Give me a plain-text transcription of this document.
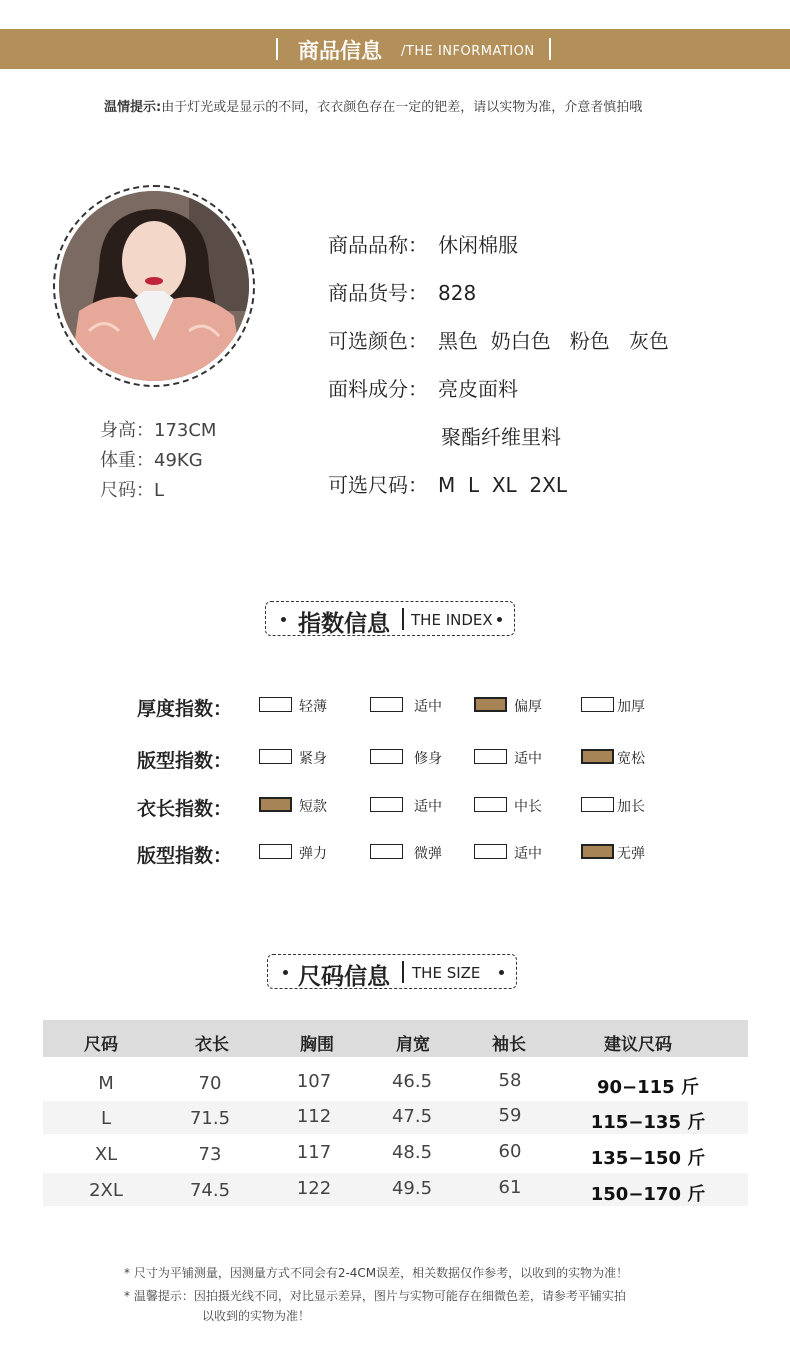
商品信息 /THE INFORMATION
温情提示:由于灯光或是显示的不同，衣衣颜色存在一定的钯差，请以实物为准，介意者慎拍哦
身高：173CM
体重：49KG
尺码：L
商品品称： 休闲棉服
商品货号： 828
可选颜色： 黑色  奶白色   粉色   灰色
面料成分： 亮皮面料
聚酯纤维里料
可选尺码： M  L  XL  2XL
指数信息 THE INDEX
厚度指数：	轻薄	适中	偏厚	加厚
版型指数：	紧身	修身	适中	宽松
衣长指数：	短款	适中	中长	加长
版型指数：	弹力	微弹	适中	无弹
尺码信息 THE SIZE
尺码	衣长	胸围	肩宽	袖长	建议尺码
M	70	107	46.5	58	90−115 斤
L	71.5	112	47.5	59	115−135 斤
XL	73	117	48.5	60	135−150 斤
2XL	74.5	122	49.5	61	150−170 斤
* 尺寸为平铺测量，因测量方式不同会有2-4CM误差，相关数据仅作参考，以收到的实物为准！
* 温馨提示：因拍摄光线不同，对比显示差异，图片与实物可能存在细微色差，请参考平铺实拍
以收到的实物为准！
